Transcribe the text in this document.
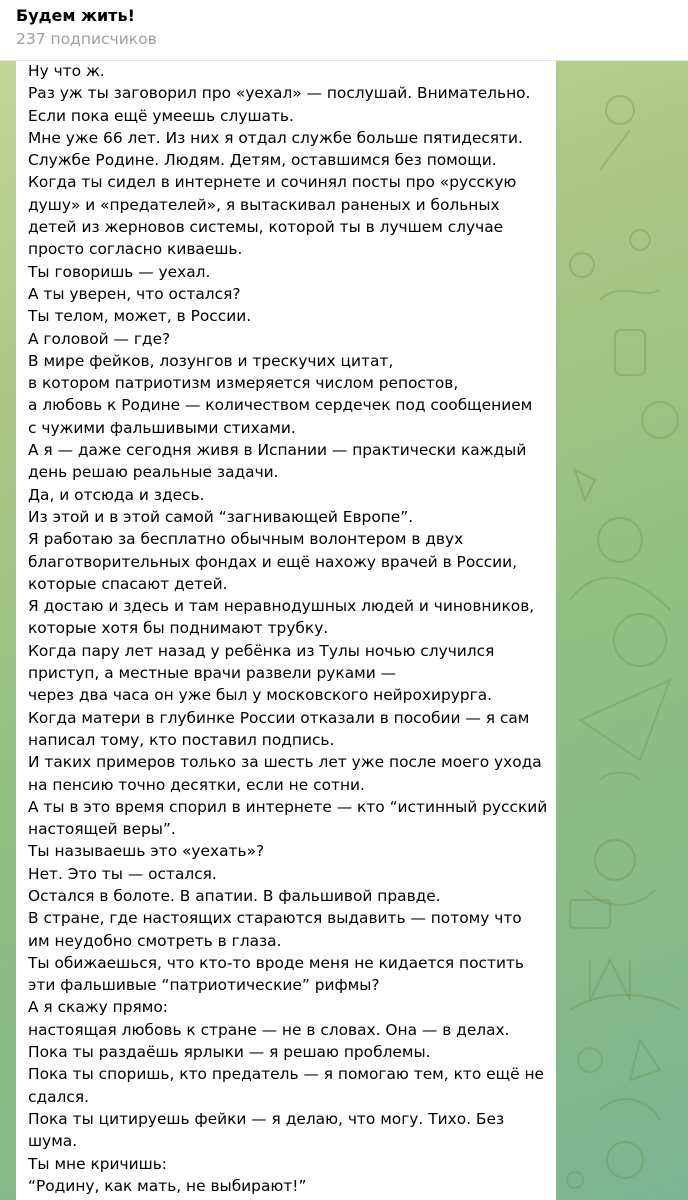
Будем жить!
237 подписчиков
Ну что ж.
Раз уж ты заговорил про «уехал» — послушай. Внимательно.
Если пока ещё умеешь слушать.
Мне уже 66 лет. Из них я отдал службе больше пятидесяти.
Службе Родине. Людям. Детям, оставшимся без помощи.
Когда ты сидел в интернете и сочинял посты про «русскую
душу» и «предателей», я вытаскивал раненых и больных
детей из жерновов системы, которой ты в лучшем случае
просто согласно киваешь.
Ты говоришь — уехал.
А ты уверен, что остался?
Ты телом, может, в России.
А головой — где?
В мире фейков, лозунгов и трескучих цитат,
в котором патриотизм измеряется числом репостов,
а любовь к Родине — количеством сердечек под сообщением
с чужими фальшивыми стихами.
А я — даже сегодня живя в Испании — практически каждый
день решаю реальные задачи.
Да, и отсюда и здесь.
Из этой и в этой самой “загнивающей Европе”.
Я работаю за бесплатно обычным волонтером в двух
благотворительных фондах и ещё нахожу врачей в России,
которые спасают детей.
Я достаю и здесь и там неравнодушных людей и чиновников,
которые хотя бы поднимают трубку.
Когда пару лет назад у ребёнка из Тулы ночью случился
приступ, а местные врачи развели руками —
через два часа он уже был у московского нейрохирурга.
Когда матери в глубинке России отказали в пособии — я сам
написал тому, кто поставил подпись.
И таких примеров только за шесть лет уже после моего ухода
на пенсию точно десятки, если не сотни.
А ты в это время спорил в интернете — кто “истинный русский
настоящей веры”.
Ты называешь это «уехать»?
Нет. Это ты — остался.
Остался в болоте. В апатии. В фальшивой правде.
В стране, где настоящих стараются выдавить — потому что
им неудобно смотреть в глаза.
Ты обижаешься, что кто-то вроде меня не кидается постить
эти фальшивые “патриотические” рифмы?
А я скажу прямо:
настоящая любовь к стране — не в словах. Она — в делах.
Пока ты раздаёшь ярлыки — я решаю проблемы.
Пока ты споришь, кто предатель — я помогаю тем, кто ещё не
сдался.
Пока ты цитируешь фейки — я делаю, что могу. Тихо. Без
шума.
Ты мне кричишь:
“Родину, как мать, не выбирают!”
